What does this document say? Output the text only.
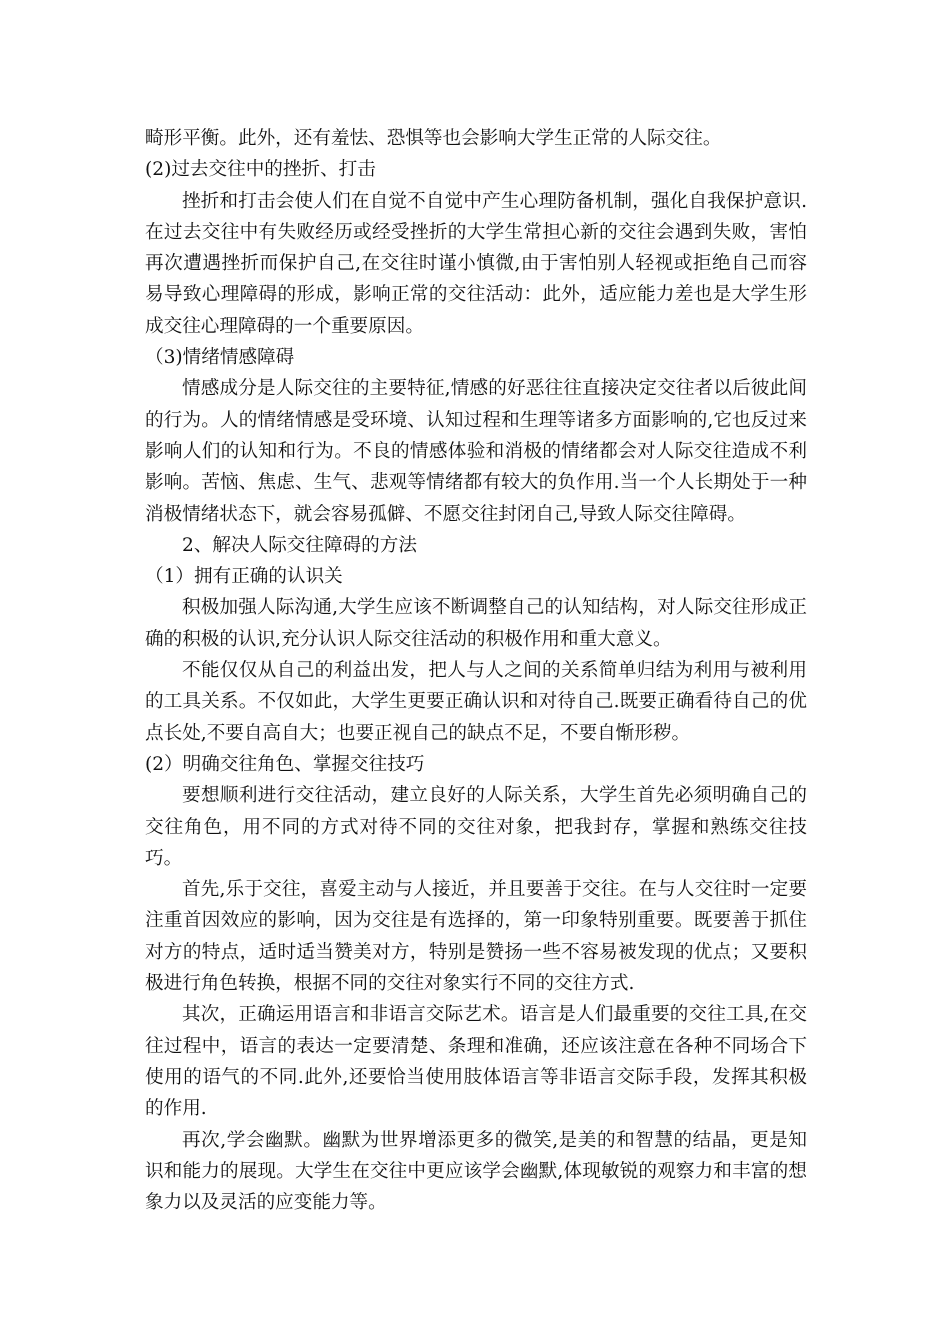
畸形平衡。此外，还有羞怯、恐惧等也会影响大学生正常的人际交往。

(2)过去交往中的挫折、打击

挫折和打击会使人们在自觉不自觉中产生心理防备机制，强化自我保护意识.在过去交往中有失败经历或经受挫折的大学生常担心新的交往会遇到失败，害怕再次遭遇挫折而保护自己,在交往时谨小慎微,由于害怕别人轻视或拒绝自己而容易导致心理障碍的形成，影响正常的交往活动：此外，适应能力差也是大学生形成交往心理障碍的一个重要原因。

（3)情绪情感障碍

情感成分是人际交往的主要特征,情感的好恶往往直接决定交往者以后彼此间的行为。人的情绪情感是受环境、认知过程和生理等诸多方面影响的,它也反过来影响人们的认知和行为。不良的情感体验和消极的情绪都会对人际交往造成不利影响。苦恼、焦虑、生气、悲观等情绪都有较大的负作用.当一个人长期处于一种消极情绪状态下，就会容易孤僻、不愿交往封闭自己,导致人际交往障碍。

2、解决人际交往障碍的方法

（1）拥有正确的认识关

积极加强人际沟通,大学生应该不断调整自己的认知结构，对人际交往形成正确的积极的认识,充分认识人际交往活动的积极作用和重大意义。

不能仅仅从自己的利益出发，把人与人之间的关系简单归结为利用与被利用的工具关系。不仅如此，大学生更要正确认识和对待自己.既要正确看待自己的优点长处,不要自高自大；也要正视自己的缺点不足，不要自惭形秽。

(2）明确交往角色、掌握交往技巧

要想顺利进行交往活动，建立良好的人际关系，大学生首先必须明确自己的交往角色，用不同的方式对待不同的交往对象，把我封存，掌握和熟练交往技巧。

首先,乐于交往，喜爱主动与人接近，并且要善于交往。在与人交往时一定要注重首因效应的影响，因为交往是有选择的，第一印象特别重要。既要善于抓住对方的特点，适时适当赞美对方，特别是赞扬一些不容易被发现的优点；又要积极进行角色转换，根据不同的交往对象实行不同的交往方式.

其次，正确运用语言和非语言交际艺术。语言是人们最重要的交往工具,在交往过程中，语言的表达一定要清楚、条理和准确，还应该注意在各种不同场合下使用的语气的不同.此外,还要恰当使用肢体语言等非语言交际手段，发挥其积极的作用.

再次,学会幽默。幽默为世界增添更多的微笑,是美的和智慧的结晶，更是知识和能力的展现。大学生在交往中更应该学会幽默,体现敏锐的观察力和丰富的想象力以及灵活的应变能力等。
